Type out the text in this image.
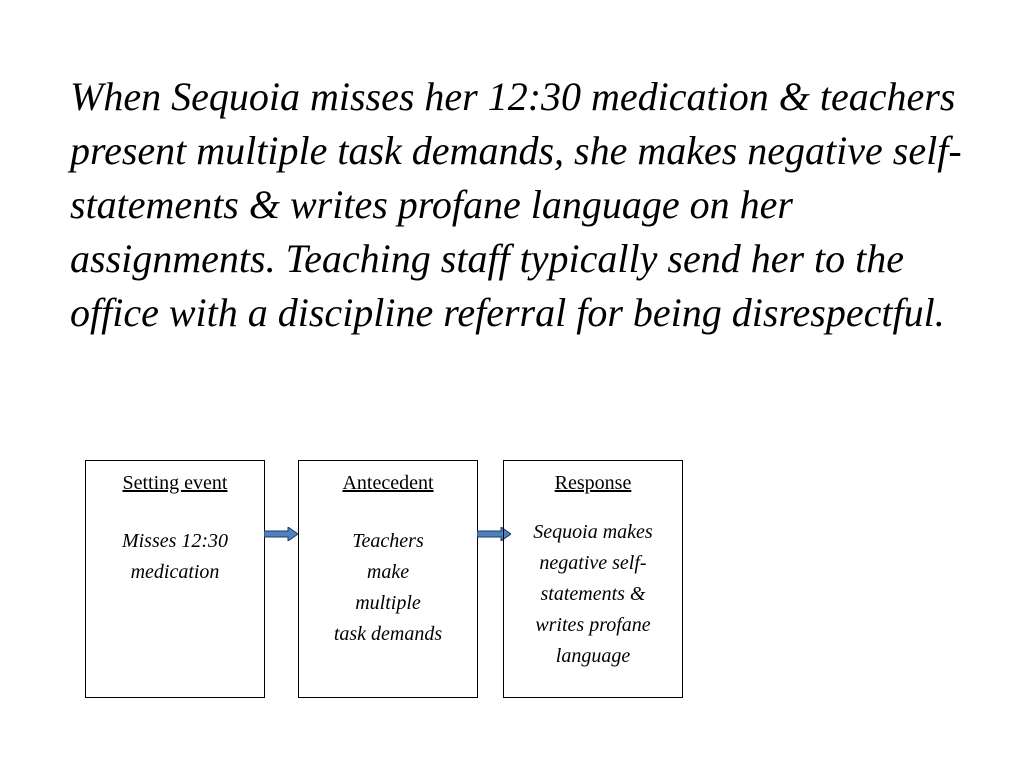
When Sequoia misses her 12:30 medication & teachers present multiple task demands, she makes negative self-statements & writes profane language on her assignments. Teaching staff typically send her to the office with a discipline referral for being disrespectful.

Setting event
Misses 12:30
medication
Antecedent
Teachers
make
multiple
task demands
Response
Sequoia makes
negative self-
statements &
writes profane
language
